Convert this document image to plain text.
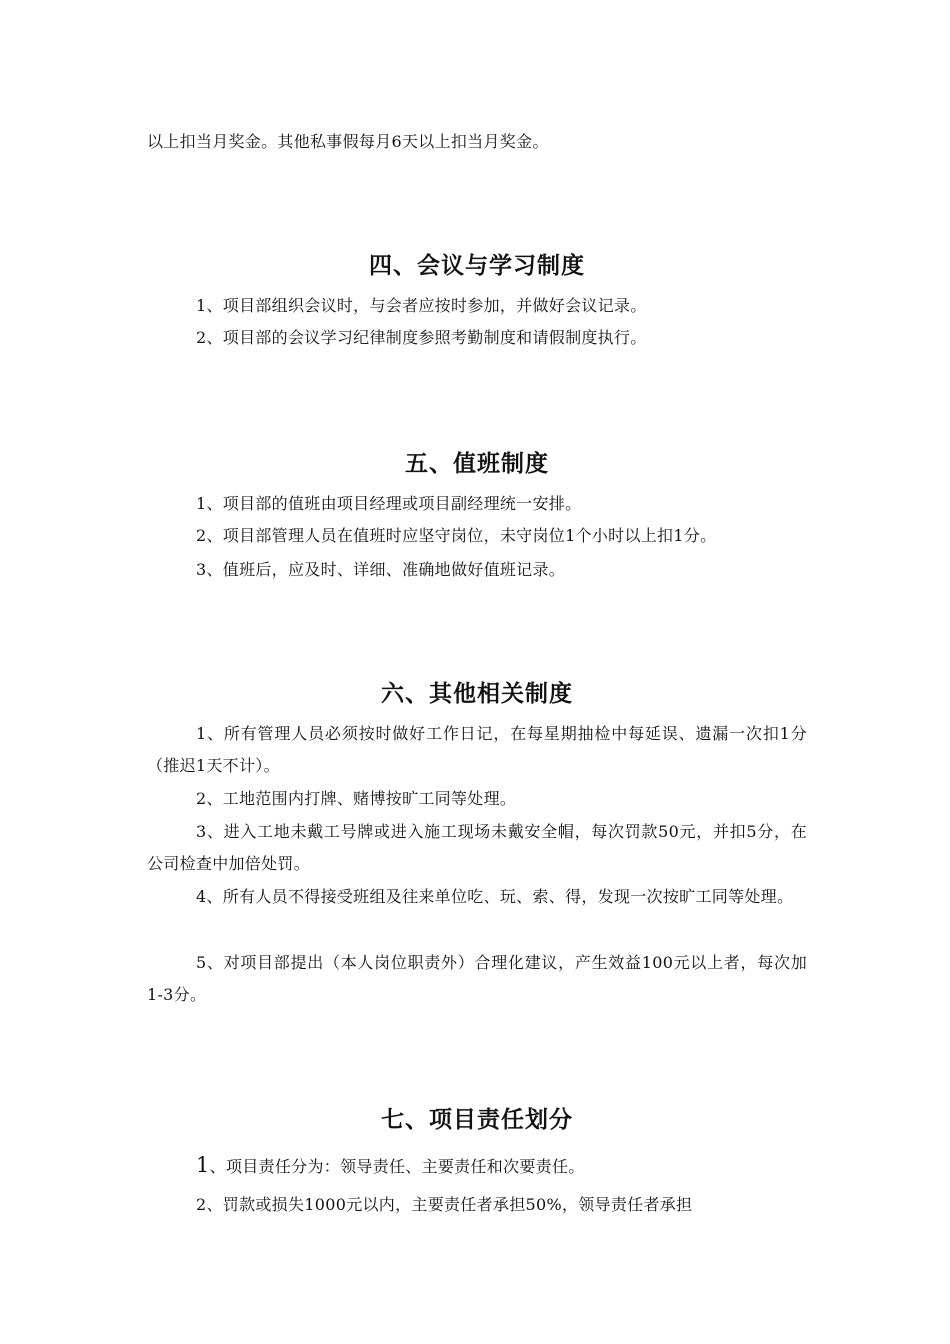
以上扣当月奖金。其他私事假每月6天以上扣当月奖金。

四、会议与学习制度

1、项目部组织会议时，与会者应按时参加，并做好会议记录。

2、项目部的会议学习纪律制度参照考勤制度和请假制度执行。

五、值班制度

1、项目部的值班由项目经理或项目副经理统一安排。

2、项目部管理人员在值班时应坚守岗位，未守岗位1个小时以上扣1分。

3、值班后，应及时、详细、准确地做好值班记录。

六、其他相关制度

1、所有管理人员必须按时做好工作日记，在每星期抽检中每延误、遗漏一次扣1分（推迟1天不计）。

2、工地范围内打牌、赌博按旷工同等处理。

3、进入工地未戴工号牌或进入施工现场未戴安全帽，每次罚款50元，并扣5分，在公司检查中加倍处罚。

4、所有人员不得接受班组及往来单位吃、玩、索、得，发现一次按旷工同等处理。

5、对项目部提出（本人岗位职责外）合理化建议，产生效益100元以上者，每次加1-3分。

七、项目责任划分

1、项目责任分为：领导责任、主要责任和次要责任。

2、罚款或损失1000元以内，主要责任者承担50%，领导责任者承担
